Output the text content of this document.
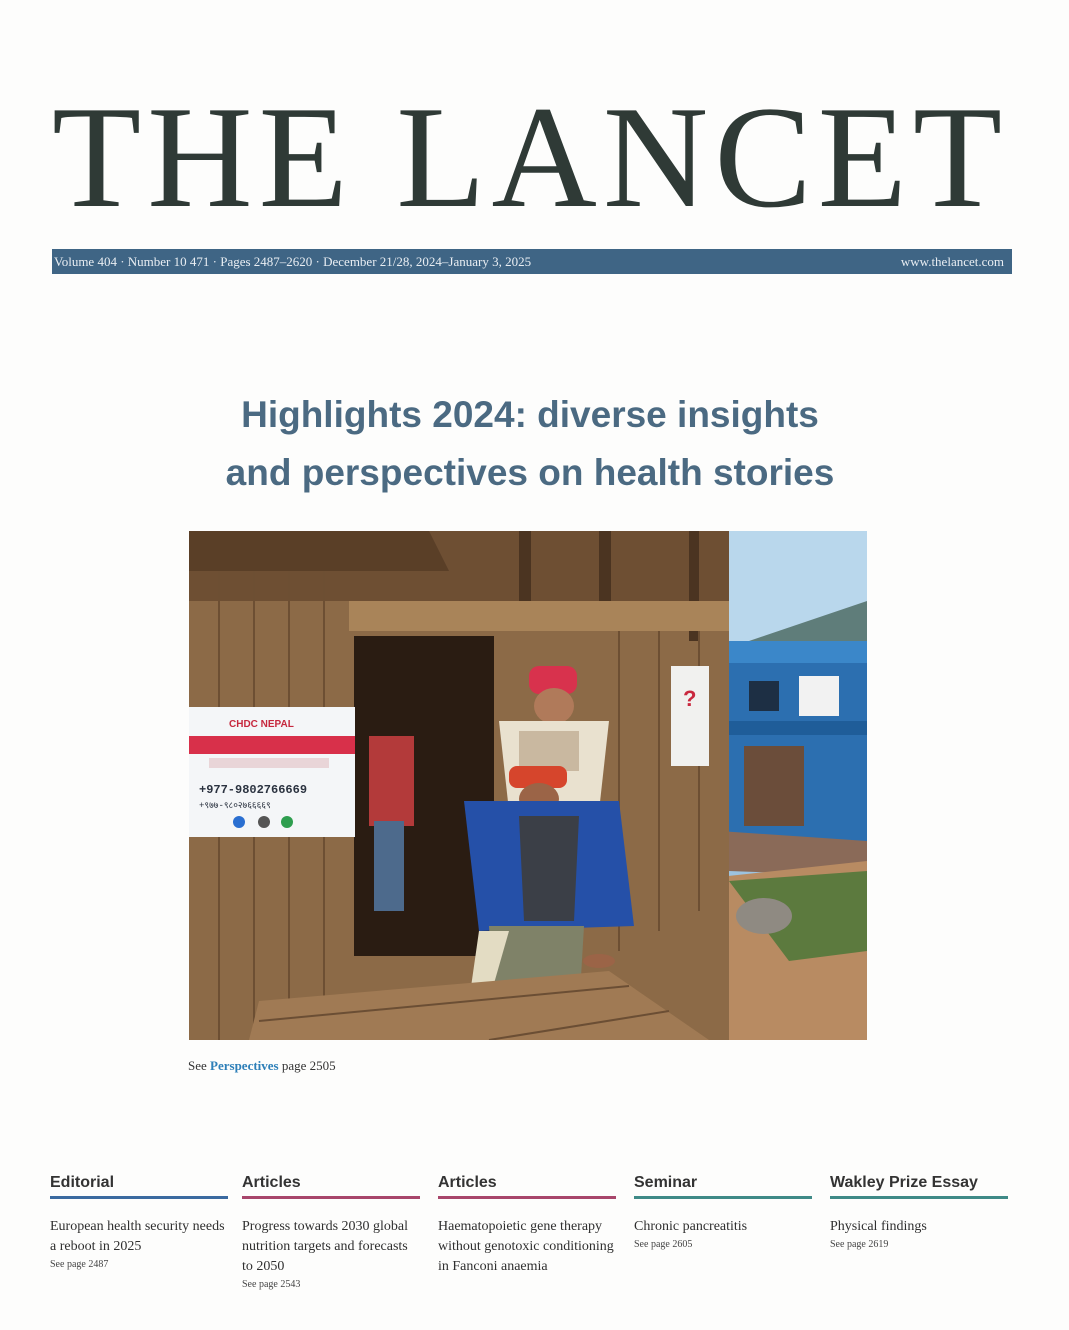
THE LANCET
Volume 404 · Number 10 471 · Pages 2487–2620 · December 21/28, 2024–January 3, 2025	www.thelancet.com
Highlights 2024: diverse insights
and perspectives on health stories
CHDC NEPAL
+977-9802766669
+९७७-९८०२७६६६६९
?
See Perspectives page 2505
Editorial
European health security needs a reboot in 2025
See page 2487
Articles
Progress towards 2030 global nutrition targets and forecasts to 2050
See page 2543
Articles
Haematopoietic gene therapy without genotoxic conditioning in Fanconi anaemia
Seminar
Chronic pancreatitis
See page 2605
Wakley Prize Essay
Physical findings
See page 2619
